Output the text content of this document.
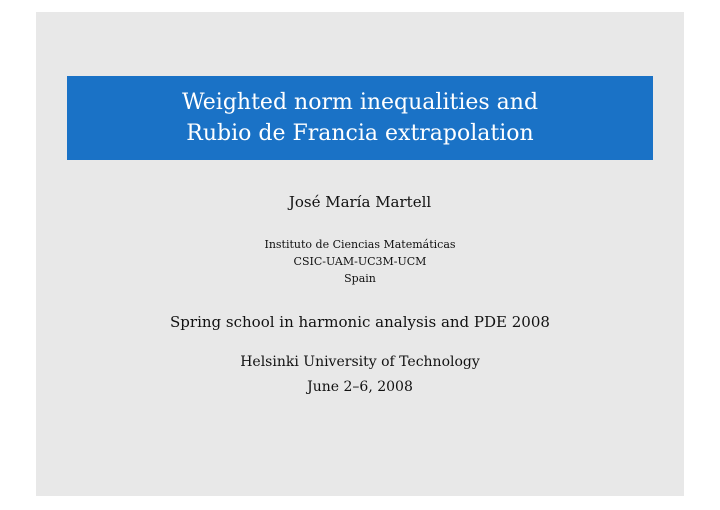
Weighted norm inequalities and
Rubio de Francia extrapolation
José María Martell
Instituto de Ciencias Matemáticas
CSIC-UAM-UC3M-UCM
Spain
Spring school in harmonic analysis and PDE 2008
Helsinki University of Technology
June 2–6, 2008
